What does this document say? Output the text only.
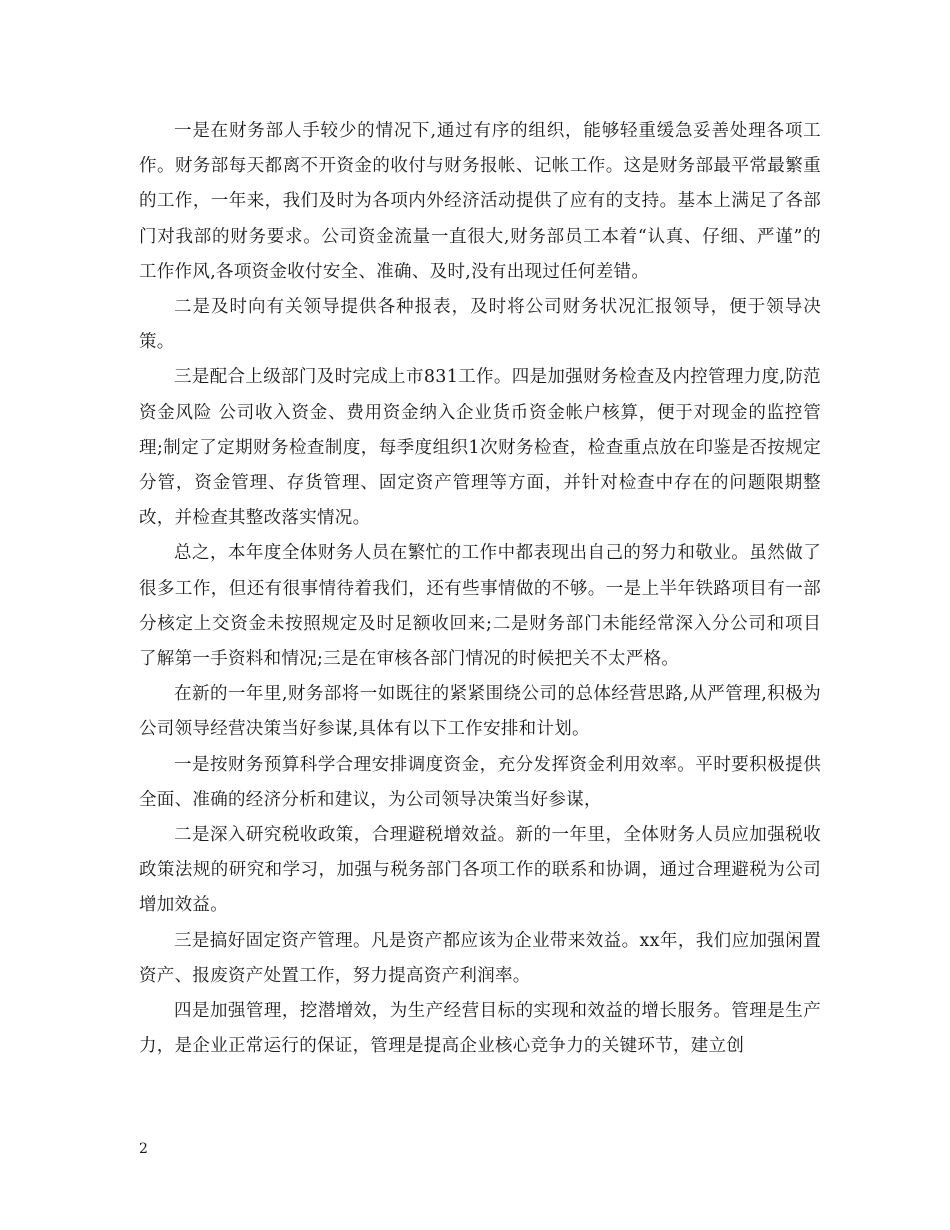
一是在财务部人手较少的情况下,通过有序的组织，能够轻重缓急妥善处理各项工作。财务部每天都离不开资金的收付与财务报帐、记帐工作。这是财务部最平常最繁重的工作，一年来，我们及时为各项内外经济活动提供了应有的支持。基本上满足了各部门对我部的财务要求。公司资金流量一直很大,财务部员工本着“认真、仔细、严谨”的工作作风,各项资金收付安全、准确、及时,没有出现过任何差错。

二是及时向有关领导提供各种报表，及时将公司财务状况汇报领导，便于领导决策。

三是配合上级部门及时完成上市831工作。四是加强财务检查及内控管理力度,防范资金风险 公司收入资金、费用资金纳入企业货币资金帐户核算，便于对现金的监控管理;制定了定期财务检查制度，每季度组织1次财务检查，检查重点放在印鉴是否按规定分管，资金管理、存货管理、固定资产管理等方面，并针对检查中存在的问题限期整改，并检查其整改落实情况。

总之，本年度全体财务人员在繁忙的工作中都表现出自己的努力和敬业。虽然做了很多工作，但还有很事情待着我们，还有些事情做的不够。一是上半年铁路项目有一部分核定上交资金未按照规定及时足额收回来;二是财务部门未能经常深入分公司和项目了解第一手资料和情况;三是在审核各部门情况的时候把关不太严格。

在新的一年里,财务部将一如既往的紧紧围绕公司的总体经营思路,从严管理,积极为公司领导经营决策当好参谋,具体有以下工作安排和计划。

一是按财务预算科学合理安排调度资金，充分发挥资金利用效率。平时要积极提供全面、准确的经济分析和建议，为公司领导决策当好参谋，

二是深入研究税收政策，合理避税增效益。新的一年里，全体财务人员应加强税收政策法规的研究和学习，加强与税务部门各项工作的联系和协调，通过合理避税为公司增加效益。

三是搞好固定资产管理。凡是资产都应该为企业带来效益。xx年，我们应加强闲置资产、报废资产处置工作，努力提高资产利润率。

四是加强管理，挖潜增效，为生产经营目标的实现和效益的增长服务。管理是生产力，是企业正常运行的保证，管理是提高企业核心竞争力的关键环节，建立创

2
